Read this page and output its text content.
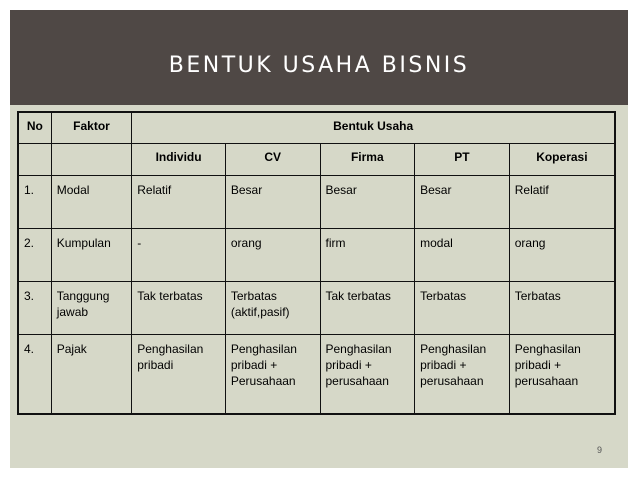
BENTUK USAHA BISNIS
No	Faktor	Bentuk Usaha				
		Individu	CV	Firma	PT	Koperasi
1.	Modal	Relatif	Besar	Besar	Besar	Relatif
2.	Kumpulan	-	orang	firm	modal	orang
3.	Tanggung jawab	Tak terbatas	Terbatas (aktif,pasif)	Tak terbatas	Terbatas	Terbatas
4.	Pajak	Penghasilan pribadi	Penghasilan pribadi + Perusahaan	Penghasilan pribadi + perusahaan	Penghasilan pribadi + perusahaan	Penghasilan pribadi + perusahaan
9
